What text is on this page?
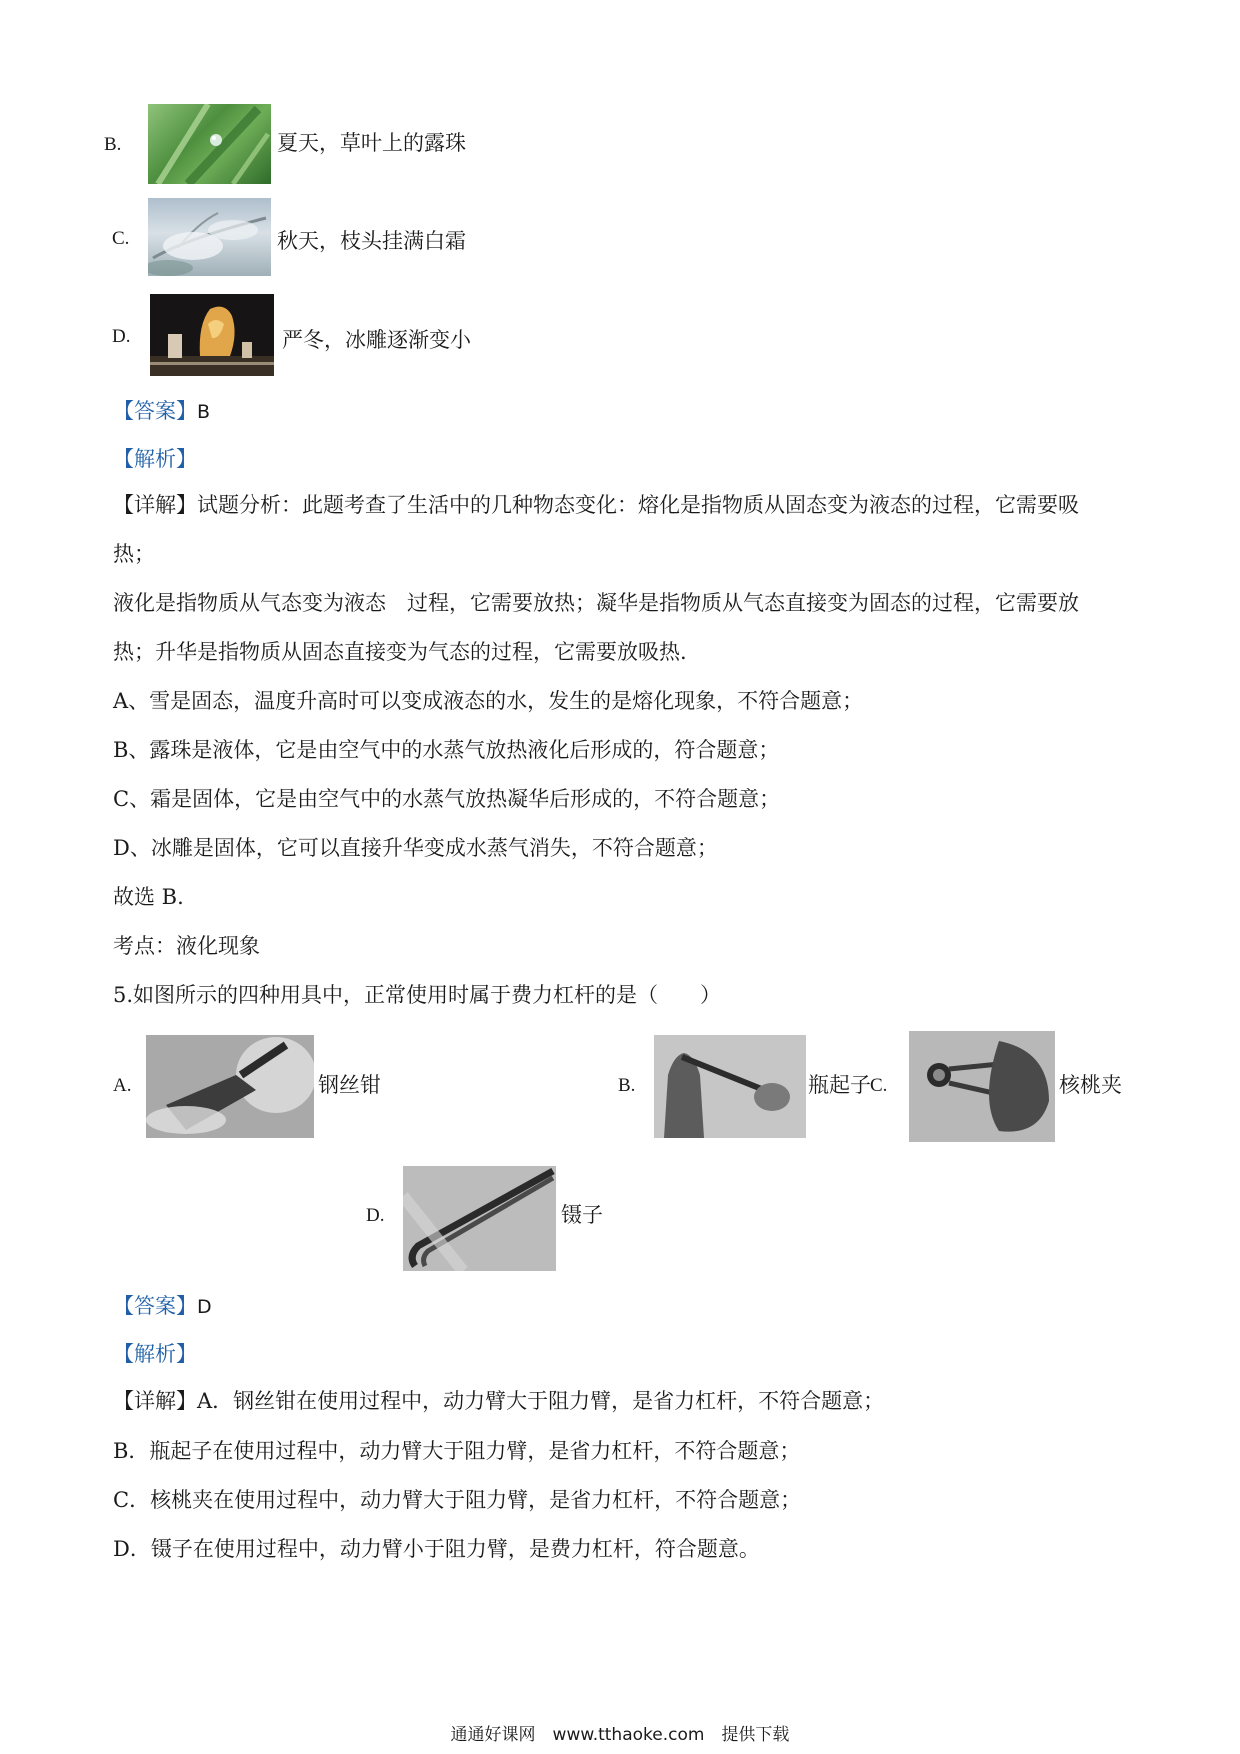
B.	夏天，草叶上的露珠
C.	秋天，枝头挂满白霜
D.	严冬，冰雕逐渐变小
【答案】B
【解析】
【详解】试题分析：此题考查了生活中的几种物态变化：熔化是指物质从固态变为液态的过程，它需要吸
热；
液化是指物质从气态变为液态　过程，它需要放热；凝华是指物质从气态直接变为固态的过程，它需要放
热；升华是指物质从固态直接变为气态的过程，它需要放吸热.
A、雪是固态，温度升高时可以变成液态的水，发生的是熔化现象，不符合题意；
B、露珠是液体，它是由空气中的水蒸气放热液化后形成的，符合题意；
C、霜是固体，它是由空气中的水蒸气放热凝华后形成的，不符合题意；
D、冰雕是固体，它可以直接升华变成水蒸气消失，不符合题意；
故选 B.
考点：液化现象
5.如图所示的四种用具中，正常使用时属于费力杠杆的是（　　）
A.	钢丝钳	B.	瓶起子 C.	核桃夹
D.	镊子
【答案】D
【解析】
【详解】A．钢丝钳在使用过程中，动力臂大于阻力臂，是省力杠杆，不符合题意；
B．瓶起子在使用过程中，动力臂大于阻力臂，是省力杠杆，不符合题意；
C．核桃夹在使用过程中，动力臂大于阻力臂，是省力杠杆，不符合题意；
D．镊子在使用过程中，动力臂小于阻力臂，是费力杠杆，符合题意。
通通好课网　www.tthaoke.com　提供下载
